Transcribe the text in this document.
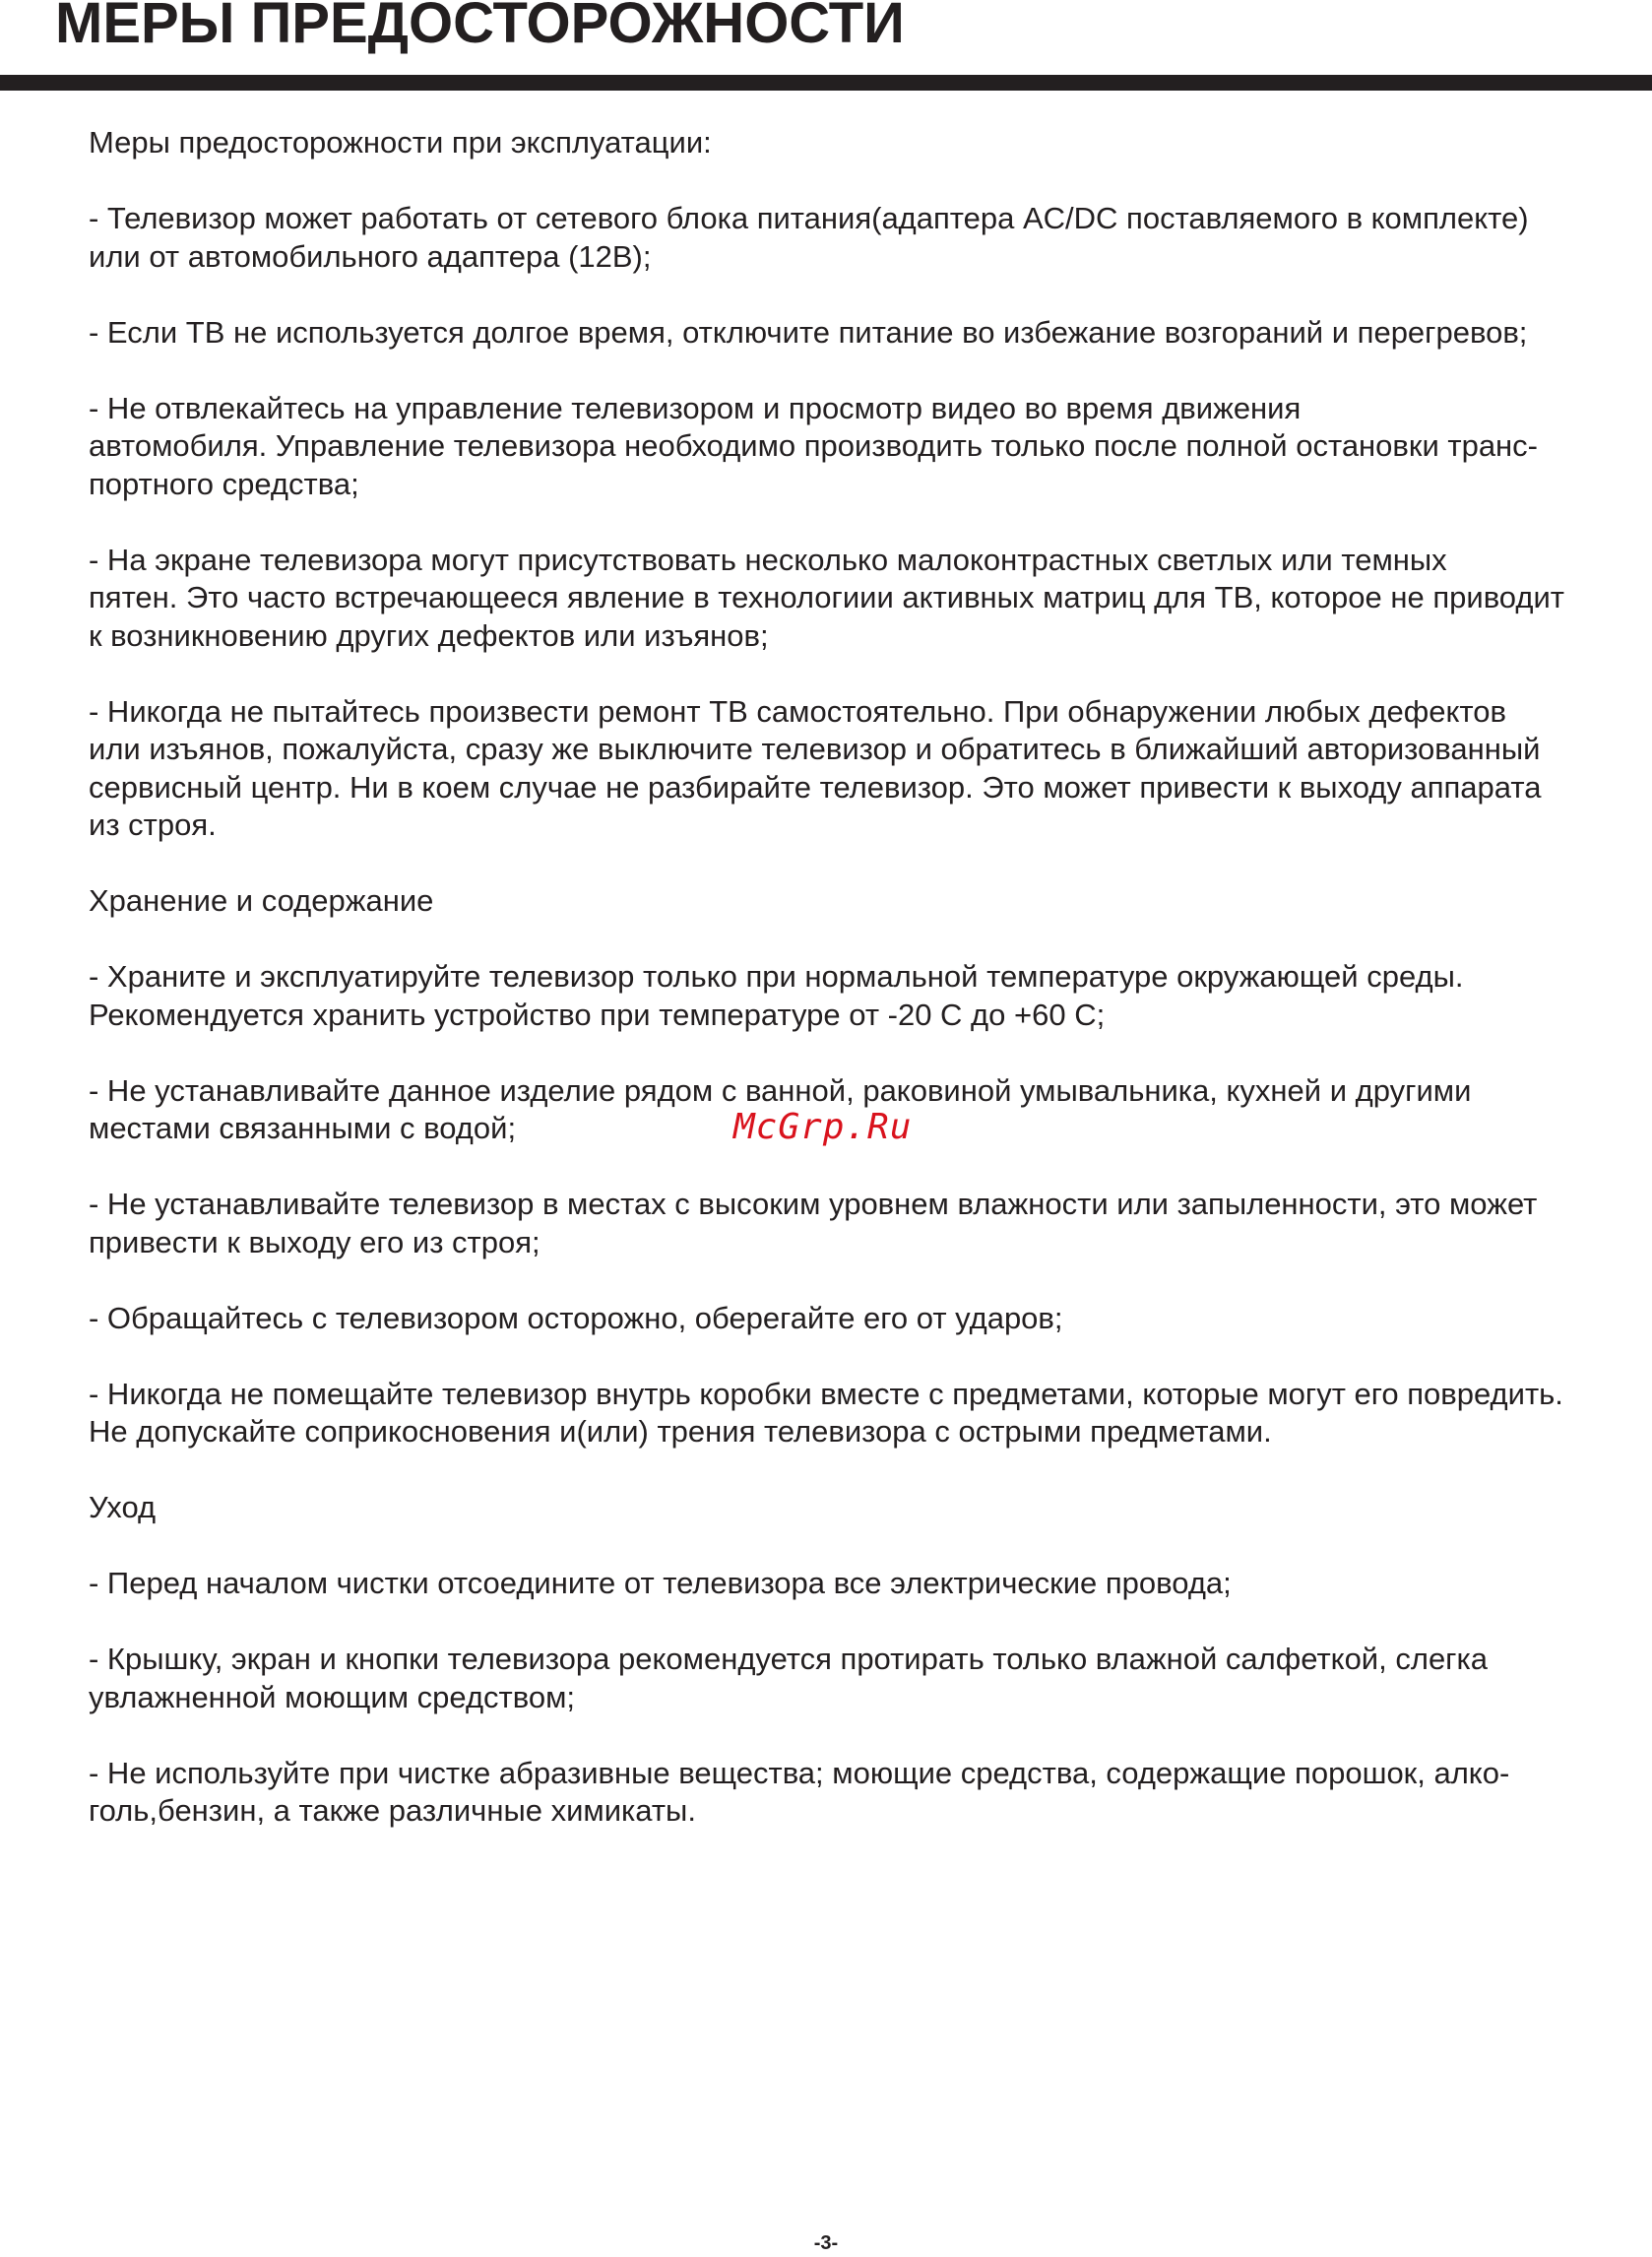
МЕРЫ ПРЕДОСТОРОЖНОСТИ

Меры предосторожности при эксплуатации:

- Телевизор может работать от сетевого блока питания(адаптера AC/DC поставляемого в комплекте)
или от автомобильного адаптера (12В);

- Если ТВ не используется долгое время, отключите питание во избежание возгораний и перегревов;

- Не отвлекайтесь на управление телевизором и просмотр видео во время движения
автомобиля. Управление телевизора необходимо производить только после полной остановки транс-
портного средства;

- На экране телевизора могут присутствовать несколько малоконтрастных светлых или темных
пятен. Это часто встречающееся явление в технологиии активных матриц для ТВ, которое не приводит
к возникновению других дефектов или изъянов;

- Никогда не пытайтесь произвести ремонт ТВ самостоятельно. При обнаружении любых дефектов
или изъянов, пожалуйста, сразу же выключите телевизор и обратитесь в ближайший авторизованный
сервисный центр. Ни в коем случае не разбирайте телевизор. Это может привести к выходу аппарата
из строя.

Хранение и содержание

- Храните и эксплуатируйте телевизор только при нормальной температуре окружающей среды.
Рекомендуется хранить устройство при температуре от -20 С до +60 С;

- Не устанавливайте данное изделие рядом с ванной, раковиной умывальника, кухней и другими
местами связанными с водой;

- Не устанавливайте телевизор в местах с высоким уровнем влажности или запыленности, это может
привести к выходу его из строя;

- Обращайтесь с телевизором осторожно, оберегайте его от ударов;

- Никогда не помещайте телевизор внутрь коробки вместе с предметами, которые могут его повредить.
Не допускайте соприкосновения и(или) трения телевизора с острыми предметами.

Уход

- Перед началом чистки отсоедините от телевизора все электрические провода;

- Крышку, экран и кнопки телевизора рекомендуется протирать только влажной салфеткой, слегка
увлажненной моющим средством;

- Не используйте при чистке абразивные вещества; моющие средства, содержащие порошок, алко-
голь,бензин, а также различные химикаты.

McGrp.Ru
-3-
